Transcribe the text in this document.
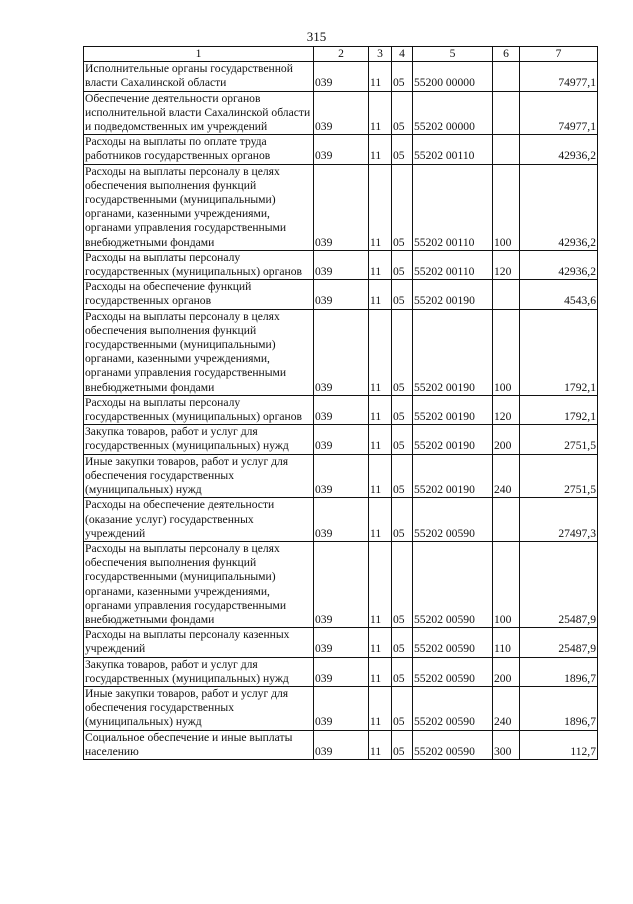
315
1	2	3	4	5	6	7
Исполнительные органы государственной власти Сахалинской области	039	11	05	55200 00000		74977,1
Обеспечение деятельности органов исполнительной власти Сахалинской области и подведомственных им учреждений	039	11	05	55202 00000		74977,1
Расходы на выплаты по оплате труда работников государственных органов	039	11	05	55202 00110		42936,2
Расходы на выплаты персоналу в целях обеспечения выполнения функций государственными (муниципальными) органами, казенными учреждениями, органами управления государственными внебюджетными фондами	039	11	05	55202 00110	100	42936,2
Расходы на выплаты персоналу государственных (муниципальных) органов	039	11	05	55202 00110	120	42936,2
Расходы на обеспечение функций государственных органов	039	11	05	55202 00190		4543,6
Расходы на выплаты персоналу в целях обеспечения выполнения функций государственными (муниципальными) органами, казенными учреждениями, органами управления государственными внебюджетными фондами	039	11	05	55202 00190	100	1792,1
Расходы на выплаты персоналу государственных (муниципальных) органов	039	11	05	55202 00190	120	1792,1
Закупка товаров, работ и услуг для государственных (муниципальных) нужд	039	11	05	55202 00190	200	2751,5
Иные закупки товаров, работ и услуг для обеспечения государственных (муниципальных) нужд	039	11	05	55202 00190	240	2751,5
Расходы на обеспечение деятельности (оказание услуг) государственных учреждений	039	11	05	55202 00590		27497,3
Расходы на выплаты персоналу в целях обеспечения выполнения функций государственными (муниципальными) органами, казенными учреждениями, органами управления государственными внебюджетными фондами	039	11	05	55202 00590	100	25487,9
Расходы на выплаты персоналу казенных учреждений	039	11	05	55202 00590	110	25487,9
Закупка товаров, работ и услуг для государственных (муниципальных) нужд	039	11	05	55202 00590	200	1896,7
Иные закупки товаров, работ и услуг для обеспечения государственных (муниципальных) нужд	039	11	05	55202 00590	240	1896,7
Социальное обеспечение и иные выплаты населению	039	11	05	55202 00590	300	112,7
